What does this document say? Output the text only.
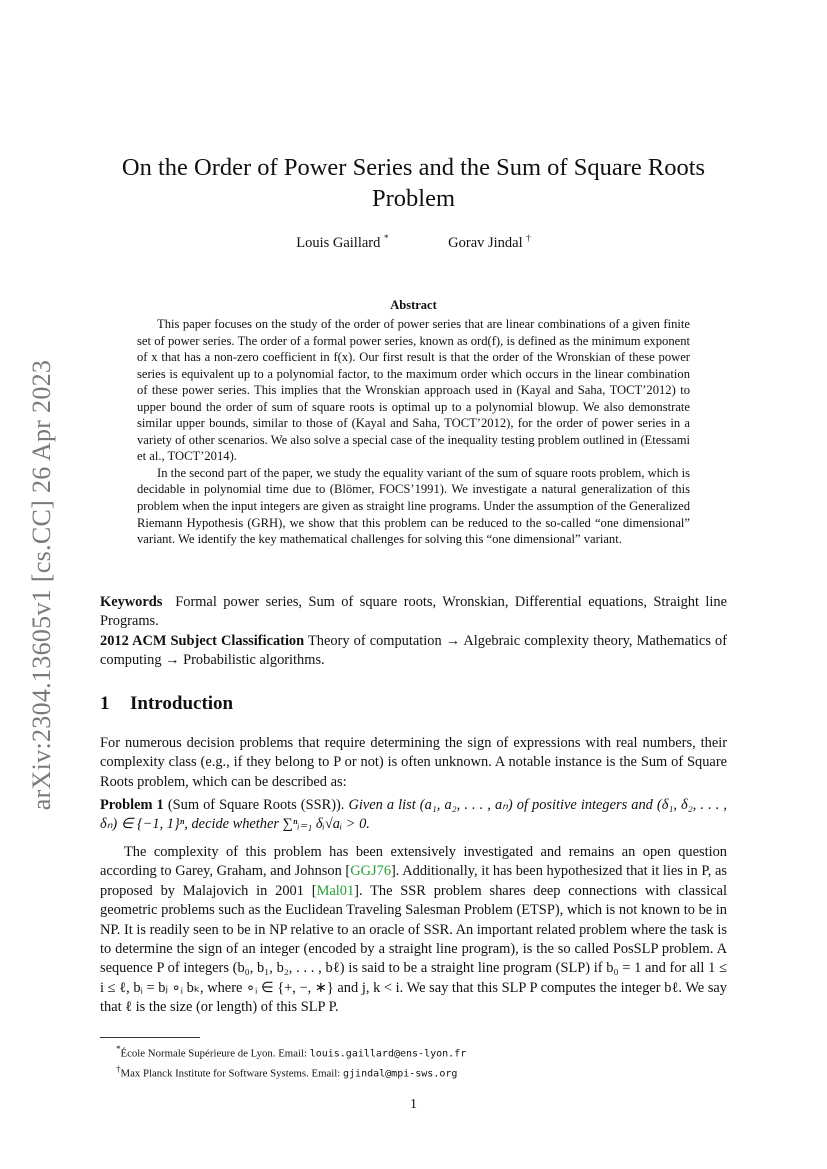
arXiv:2304.13605v1 [cs.CC] 26 Apr 2023
On the Order of Power Series and the Sum of Square Roots Problem
Louis Gaillard *	Gorav Jindal †
Abstract

This paper focuses on the study of the order of power series that are linear combinations of a given finite set of power series. The order of a formal power series, known as ord(f), is defined as the minimum exponent of x that has a non-zero coefficient in f(x). Our first result is that the order of the Wronskian of these power series is equivalent up to a polynomial factor, to the maximum order which occurs in the linear combination of these power series. This implies that the Wronskian approach used in (Kayal and Saha, TOCT’2012) to upper bound the order of sum of square roots is optimal up to a polynomial blowup. We also demonstrate similar upper bounds, similar to those of (Kayal and Saha, TOCT’2012), for the order of power series in a variety of other scenarios. We also solve a special case of the inequality testing problem outlined in (Etessami et al., TOCT’2014).

In the second part of the paper, we study the equality variant of the sum of square roots problem, which is decidable in polynomial time due to (Blömer, FOCS’1991). We investigate a natural generalization of this problem when the input integers are given as straight line programs. Under the assumption of the Generalized Riemann Hypothesis (GRH), we show that this problem can be reduced to the so-called “one dimensional” variant. We identify the key mathematical challenges for solving this “one dimensional” variant.

Keywords Formal power series, Sum of square roots, Wronskian, Differential equations, Straight line Programs.

2012 ACM Subject Classification Theory of computation → Algebraic complexity theory, Mathematics of computing → Probabilistic algorithms.

1 Introduction
For numerous decision problems that require determining the sign of expressions with real numbers, their complexity class (e.g., if they belong to P or not) is often unknown. A notable instance is the Sum of Square Roots problem, which can be described as:

Problem 1 (Sum of Square Roots (SSR)). Given a list (a₁, a₂, . . . , aₙ) of positive integers and (δ₁, δ₂, . . . , δₙ) ∈ {−1, 1}ⁿ, decide whether ∑ⁿᵢ₌₁ δᵢ√aᵢ > 0.

The complexity of this problem has been extensively investigated and remains an open question according to Garey, Graham, and Johnson [GGJ76]. Additionally, it has been hypothesized that it lies in P, as proposed by Malajovich in 2001 [Mal01]. The SSR problem shares deep connections with classical geometric problems such as the Euclidean Traveling Salesman Problem (ETSP), which is not known to be in NP. It is readily seen to be in NP relative to an oracle of SSR. An important related problem where the task is to determine the sign of an integer (encoded by a straight line program), is the so called PosSLP problem. A sequence P of integers (b₀, b₁, b₂, . . . , bℓ) is said to be a straight line program (SLP) if b₀ = 1 and for all 1 ≤ i ≤ ℓ, bᵢ = bⱼ ∘ᵢ bₖ, where ∘ᵢ ∈ {+, −, ∗} and j, k < i. We say that this SLP P computes the integer bℓ. We say that ℓ is the size (or length) of this SLP P.

*École Normale Supérieure de Lyon. Email: louis.gaillard@ens-lyon.fr
†Max Planck Institute for Software Systems. Email: gjindal@mpi-sws.org
1
